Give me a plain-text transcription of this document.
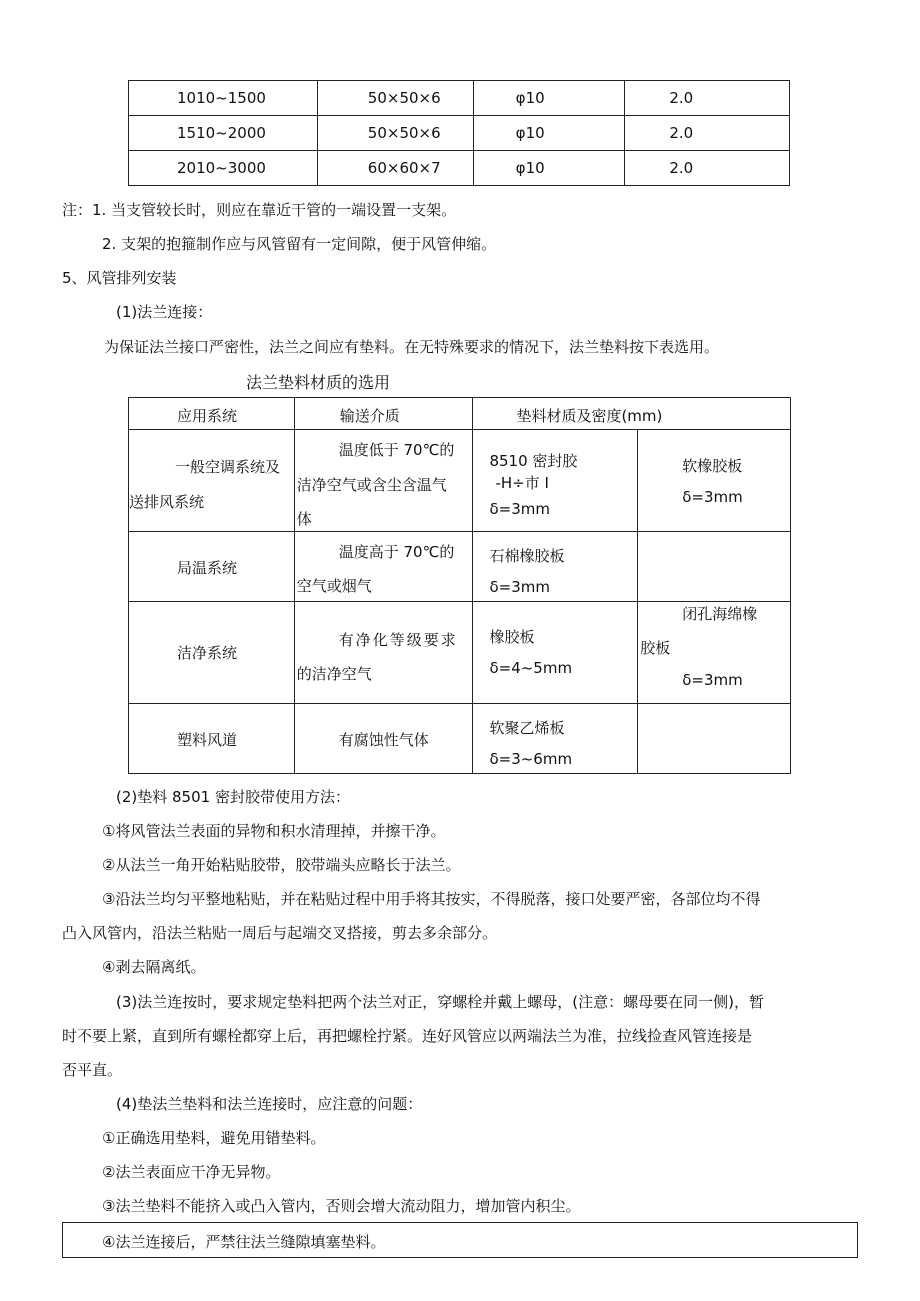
1010~1500	50×50×6	φ10	2.0
1510~2000	50×50×6	φ10	2.0
2010~3000	60×60×7	φ10	2.0
注：1. 当支管较长时，则应在靠近干管的一端设置一支架。
2. 支架的抱箍制作应与风管留有一定间隙，便于风管伸缩。
5、风管排列安装
(1)法兰连接：
为保证法兰接口严密性，法兰之间应有垫料。在无特殊要求的情况下，法兰垫料按下表选用。
法兰垫料材质的选用
应用系统	输送介质	垫料材质及密度(mm)	

一般空调系统及
送排风系统	温度低于 70℃的
洁净空气或含尘含温气
体	8510 密封胶
-H÷市 I
δ=3mm	软橡胶板
δ=3mm

局温系统	温度高于 70℃的
空气或烟气	石棉橡胶板
δ=3mm	

洁净系统	有净化等级要求
的洁净空气	橡胶板
δ=4~5mm	闭孔海绵橡
胶板
δ=3mm

塑料风道	有腐蚀性气体	软聚乙烯板
δ=3~6mm	

(2)垫料 8501 密封胶带使用方法：
①将风管法兰表面的异物和积水清理掉，并擦干净。
②从法兰一角开始粘贴胶带，胶带端头应略长于法兰。
③沿法兰均匀平整地粘贴，并在粘贴过程中用手将其按实，不得脱落，接口处要严密，各部位均不得
凸入风管内，沿法兰粘贴一周后与起端交叉搭接，剪去多余部分。
④剥去隔离纸。
(3)法兰连按时，要求规定垫料把两个法兰对正，穿螺栓并戴上螺母，(注意：螺母要在同一侧)，暂
时不要上紧，直到所有螺栓都穿上后，再把螺栓拧紧。连好风管应以两端法兰为准，拉线捡查风管连接是
否平直。
(4)垫法兰垫料和法兰连接时，应注意的问题：
①正确选用垫料，避免用错垫料。
②法兰表面应干净无异物。
③法兰垫料不能挤入或凸入管内，否则会增大流动阻力，增加管内积尘。
④法兰连接后，严禁往法兰缝隙填塞垫料。
